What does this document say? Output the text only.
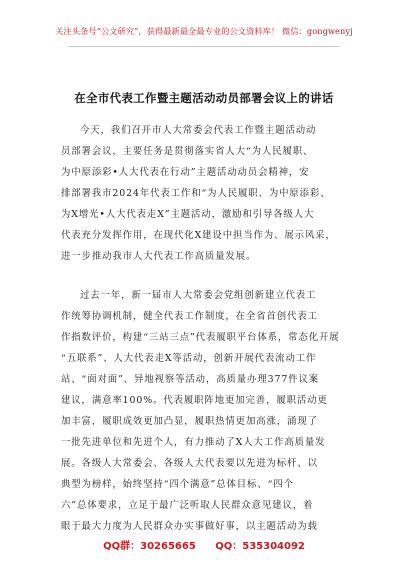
关注头条号“公文研究”，获得最新最全最专业的公文资料库！ 微信：gongwenyj
在全市代表工作暨主题活动动员部署会议上的讲话
今天，我们召开市人大常委会代表工作暨主题活动动
员部署会议，主要任务是贯彻落实省人大“为人民履职、
为中原添彩•人大代表在行动”主题活动动员会精神，安
排部署我市2024年代表工作和“为人民履职、为中原添彩、
为X增光•人大代表走X”主题活动，激励和引导各级人大
代表充分发挥作用，在现代化X建设中担当作为、展示风采，
进一步推动我市人大代表工作高质量发展。
过去一年，新一届市人大常委会党组创新建立代表工
作统筹协调机制，健全代表工作制度，在全省首创代表工
作指数评价，构建“三站三点”代表履职平台体系，常态化开展
“五联系”、人大代表走X等活动，创新开展代表流动工作
站、“面对面”、异地视察等活动，高质量办理377件议案
建议，满意率100%。代表履职阵地更加完善，履职活动更
加丰富，履职成效更加凸显，履职热情更加高涨，涌现了
一批先进单位和先进个人，有力推动了X人大工作高质量发
展。各级人大常委会、各级人大代表要以先进为标杆、以
典型为榜样，始终坚持“四个满意”总体目标、“四个
六”总体要求，立足于最广泛听取人民群众意见建议，着
眼于最大力度为人民群众办实事做好事，以主题活动为载
QQ群：30265665 QQ：535304092
